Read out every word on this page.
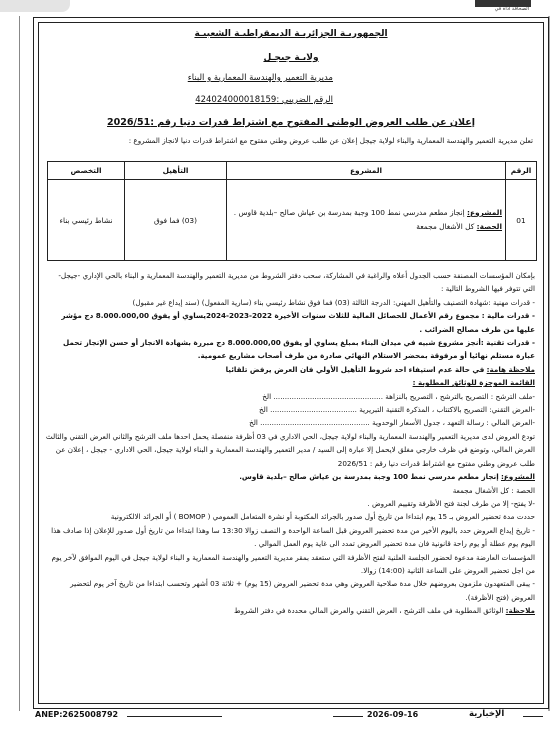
الصحافة أداة في
الجمهوريـة الجزائريـة الديمقراطيـة الشعبيـة
ولايـة جيجـل
مديرية التعمير والهندسة المعمارية و البناء
الرقم الضريبي :424024000018159
إعلان عن طلب العروض الوطني المفتوح مع اشتراط قدرات دنيا رقم :2026/51
تعلن مديرية التعمير والهندسة المعمارية والبناء لولاية جيجل إعلان عن طلب عروض وطني مفتوح مع اشتراط قدرات دنيا لانجاز المشروع :
الرقم	المشروع	التأهيل	التخصص
01	المشروع: إنجاز مطعم مدرسي نمط 100 وجبة بمدرسة بن عياش صالح –بلدية قاوس .
الحصة: كل الأشغال مجمعة	(03) فما فوق	نشاط رئيسي بناء

بإمكان المؤسسات المصنفة حسب الجدول أعلاه والراغبة في المشاركة، سحب دفتر الشروط من مديرية التعمير والهندسة المعمارية و البناء بالحي الإداري -جيجل- التي تتوفر فيها الشروط التالية :

- قدرات مهنية :شهادة التصنيف والتأهيل المهني: الدرجة الثالثة (03) فما فوق نشاط رئيسي بناء (سارية المفعول) (سند إيداع غير مقبول)

- قدرات مالية : مجموع رقم الأعمال للحصائل المالية للثلاث سنوات الأخيرة 2022-2023-2024يساوي أو يفوق 8.000.000,00 دج مؤشر عليها من طرف مصالح الضرائب .

- قدرات تقنية :أنجز مشروع شبيه في ميدان البناء بمبلغ يساوي أو يفوق 8.000.000,00 دج مبررة بشهادة الانجاز أو حسن الإنجاز تحمل عبارة مستلم نهائيا أو مرفوقة بمحضر الاستلام النهائي صادرة من طرف أصحاب مشاريع عمومية.

ملاحظة هامة: في حالة عدم استيفاء احد شروط التأهيل الأولي فان العرض يرفض تلقائيا

القائمة الموجزة للوثائق المطلوبة :

-ملف الترشح : التصريح بالترشح ، التصريح بالنزاهة ................................................ الخ
-العرض التقني: التصريح بالاكتتاب ، المذكرة التقنية التبريرية ...................................... الخ
-العرض المالي : رسالة التعهد ، جدول الأسعار الوحدوية ................................................ الخ

تودع العروض لدى مديرية التعمير والهندسة المعمارية والبناء لولاية جيجل، الحي الاداري في 03 أظرفة منفصلة يحمل احدها ملف الترشح والثاني العرض التقني والثالث العرض المالي، وتوضع في ظرف خارجي مغلق لايحمل إلا عبارة إلى السيد / مدير التعمير والهندسة المعمارية و البناء لولاية جيجل، الحي الاداري - جيجل ، إعلان عن طلب عروض وطني مفتوح مع اشتراط قدرات دنيا رقم : 2026/51

المشروع: إنجاز مطعم مدرسي نمط 100 وجبة بمدرسة بن عياش صالح –بلدية قاوس.

الحصة : كل الأشغال مجمعة

-لا يفتح- إلا من طرف لجنة فتح الأظرفة وتقييم العروض .

حددت مدة تحضير العروض بـ 15 يوم ابتداءا من تاريخ أول صدور بالجرائد المكتوبة أو نشرة المتعامل العمومي ( BOMOP ) أو الجرائد الالكترونية

- تاريخ إيداع العروض حدد باليوم الأخير من مدة تحضير العروض قبل الساعة الواحدة و النصف زوالا 13:30 سا وهذا ابتداءا من تاريخ أول صدور للإعلان إذا صادف هذا اليوم يوم عطلة أو يوم راحة قانونية فان مدة تحضير العروض تمدد الى غاية يوم العمل الموالي .

المؤسسات العارضة مدعوة لحضور الجلسة العلنية لفتح الأظرفة التي ستعقد بمقر مديرية التعمير والهندسة المعمارية و البناء لولاية جيجل في اليوم الموافق لآخر يوم من اجل تحضير العروض على الساعة الثانية (14:00) زوالا.

- يبقى المتعهدون ملزمون بعروضهم خلال مدة صلاحية العروض وهي مدة تحضير العروض (15 يوم) + ثلاثة 03 أشهر وتحسب ابتداءا من تاريخ آخر يوم لتحضير العروض (فتح الأظرفة).

ملاحظة: الوثائق المطلوبة في ملف الترشح ، العرض التقني والعرض المالي محددة في دفتر الشروط

ANEP:2625008792	2026-09-16	الإخبارية
